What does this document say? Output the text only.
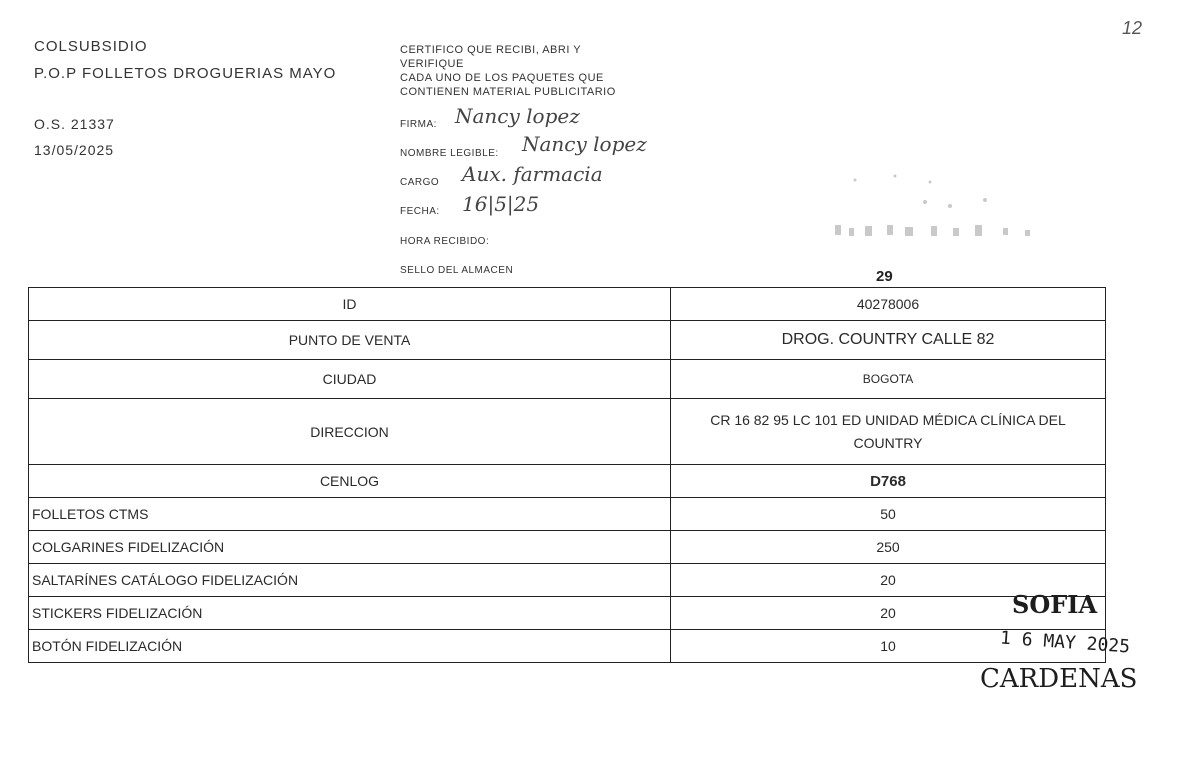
12
COLSUBSIDIO
P.O.P FOLLETOS DROGUERIAS MAYO
O.S. 21337
13/05/2025
CERTIFICO QUE RECIBI, ABRI Y
VERIFIQUE
CADA UNO DE LOS PAQUETES QUE
CONTIENEN MATERIAL PUBLICITARIO
FIRMA: Nancy lopez
NOMBRE LEGIBLE: Nancy lopez
CARGO Aux. farmacia
FECHA: 16|5|25
HORA RECIBIDO:
SELLO DEL ALMACEN	29
ID	40278006
PUNTO DE VENTA	DROG. COUNTRY CALLE 82
CIUDAD	BOGOTA
DIRECCION	CR 16 82 95 LC 101 ED UNIDAD MÉDICA CLÍNICA DEL
COUNTRY

CENLOG	D768
FOLLETOS CTMS	50
COLGARINES FIDELIZACIÓN	250
SALTARÍNES CATÁLOGO FIDELIZACIÓN	20
STICKERS FIDELIZACIÓN	20
BOTÓN FIDELIZACIÓN	10
SOFIA
1 6 MAY 2025
CARDENAS
